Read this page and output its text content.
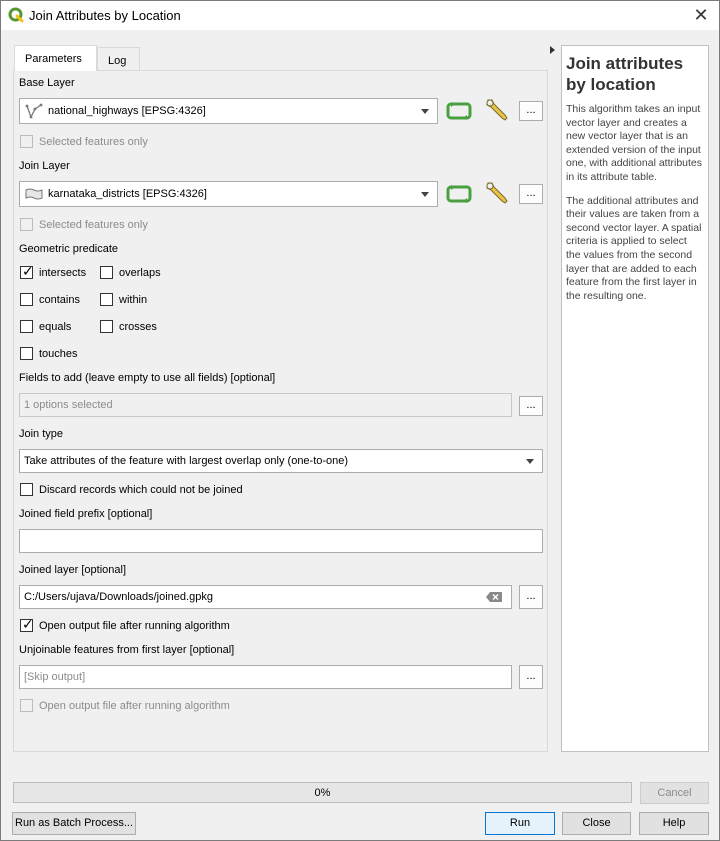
Join Attributes by Location	✕
Parameters	Log
Base Layer
national_highways [EPSG:4326]	...
Selected features only
Join Layer
karnataka_districts [EPSG:4326]	...
Selected features only
Geometric predicate
✓ intersects	overlaps
contains	within
equals	crosses
touches
Fields to add (leave empty to use all fields) [optional]
1 options selected	...
Join type
Take attributes of the feature with largest overlap only (one-to-one)
Discard records which could not be joined
Joined field prefix [optional]
Joined layer [optional]
C:/Users/ujava/Downloads/joined.gpkg	...
✓ Open output file after running algorithm
Unjoinable features from first layer [optional]
[Skip output]	...
Open output file after running algorithm
Join attributes by location

This algorithm takes an input vector layer and creates a new vector layer that is an extended version of the input one, with additional attributes in its attribute table.

The additional attributes and their values are taken from a second vector layer. A spatial criteria is applied to select the values from the second layer that are added to each feature from the first layer in the resulting one.

0%	Cancel
Run as Batch Process...	Run	Close	Help
